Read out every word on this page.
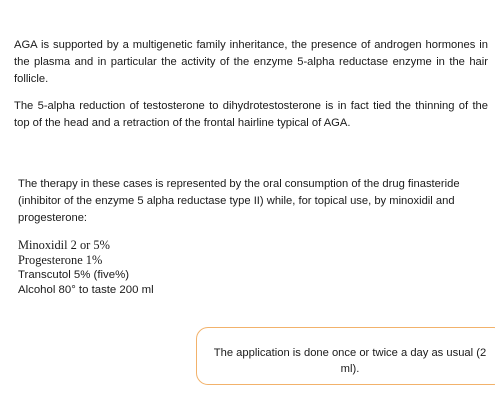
AGA is supported by a multigenetic family inheritance, the presence of androgen hormones in the plasma and in particular the activity of the enzyme 5-alpha reductase enzyme in the hair follicle.

The 5-alpha reduction of testosterone to dihydrotestosterone is in fact tied the thinning of the top of the head and a retraction of the frontal hairline typical of AGA.

The therapy in these cases is represented by the oral consumption of the drug finasteride (inhibitor of the enzyme 5 alpha reductase type II) while, for topical use, by minoxidil and progesterone:

Minoxidil 2 or 5%
Progesterone 1%
Transcutol 5% (five%)
Alcohol 80° to taste 200 ml

The application is done once or twice a day as usual (2 ml).
